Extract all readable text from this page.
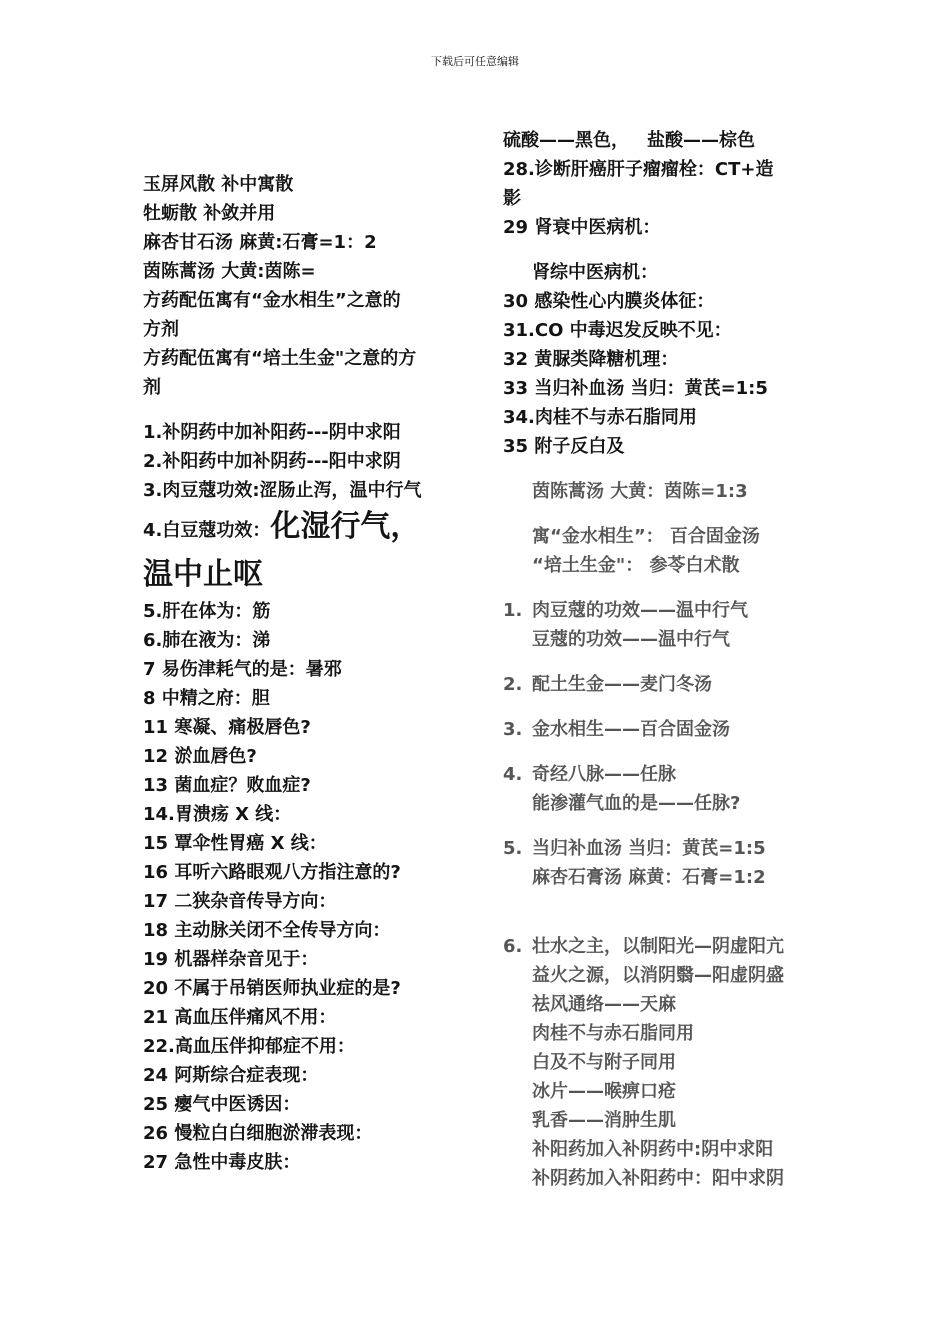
下载后可任意编辑
玉屏风散 补中寓散
牡蛎散 补敛并用
麻杏甘石汤 麻黄:石膏=1：2
茵陈蒿汤 大黄:茵陈=
方药配伍寓有“金水相生”之意的
方剂
方药配伍寓有“培土生金"之意的方
剂
1.补阴药中加补阳药---阴中求阳
2.补阳药中加补阴药---阳中求阴
3.肉豆蔻功效:涩肠止泻，温中行气
4.白豆蔻功效：化湿行气，
温中止呕
5.肝在体为：筋
6.肺在液为：涕
7 易伤津耗气的是：暑邪
8 中精之府：胆
11 寒凝、痛极唇色?
12 淤血唇色?
13 菌血症？败血症?
14.胃溃疡 X 线：
15 覃伞性胃癌 X 线：
16 耳听六路眼观八方指注意的?
17 二狭杂音传导方向：
18 主动脉关闭不全传导方向：
19 机器样杂音见于：
20 不属于吊销医师执业症的是?
21 高血压伴痛风不用：
22.高血压伴抑郁症不用：
24 阿斯综合症表现：
25 瘿气中医诱因：
26 慢粒白白细胞淤滞表现：
27 急性中毒皮肤：
硫酸——黑色， 盐酸——棕色
28.诊断肝癌肝子瘤瘤栓：CT+造
影
29 肾衰中医病机：
肾综中医病机：
30 感染性心内膜炎体征：
31.CO 中毒迟发反映不见：
32 黄脲类降糖机理：
33 当归补血汤 当归：黄芪=1:5
34.肉桂不与赤石脂同用
35 附子反白及
茵陈蒿汤 大黄：茵陈=1:3
寓“金水相生”： 百合固金汤
“培土生金"： 参苓白术散
1. 肉豆蔻的功效——温中行气
豆蔻的功效——温中行气
2. 配土生金——麦门冬汤
3. 金水相生——百合固金汤
4. 奇经八脉——任脉
能渗灌气血的是——任脉?
5. 当归补血汤 当归：黄芪=1:5
麻杏石膏汤 麻黄：石膏=1:2
6. 壮水之主，以制阳光—阴虚阳亢
益火之源，以消阴翳—阳虚阴盛
祛风通络——天麻
肉桂不与赤石脂同用
白及不与附子同用
冰片——喉痹口疮
乳香——消肿生肌
补阳药加入补阴药中:阴中求阳
补阴药加入补阳药中：阳中求阴
